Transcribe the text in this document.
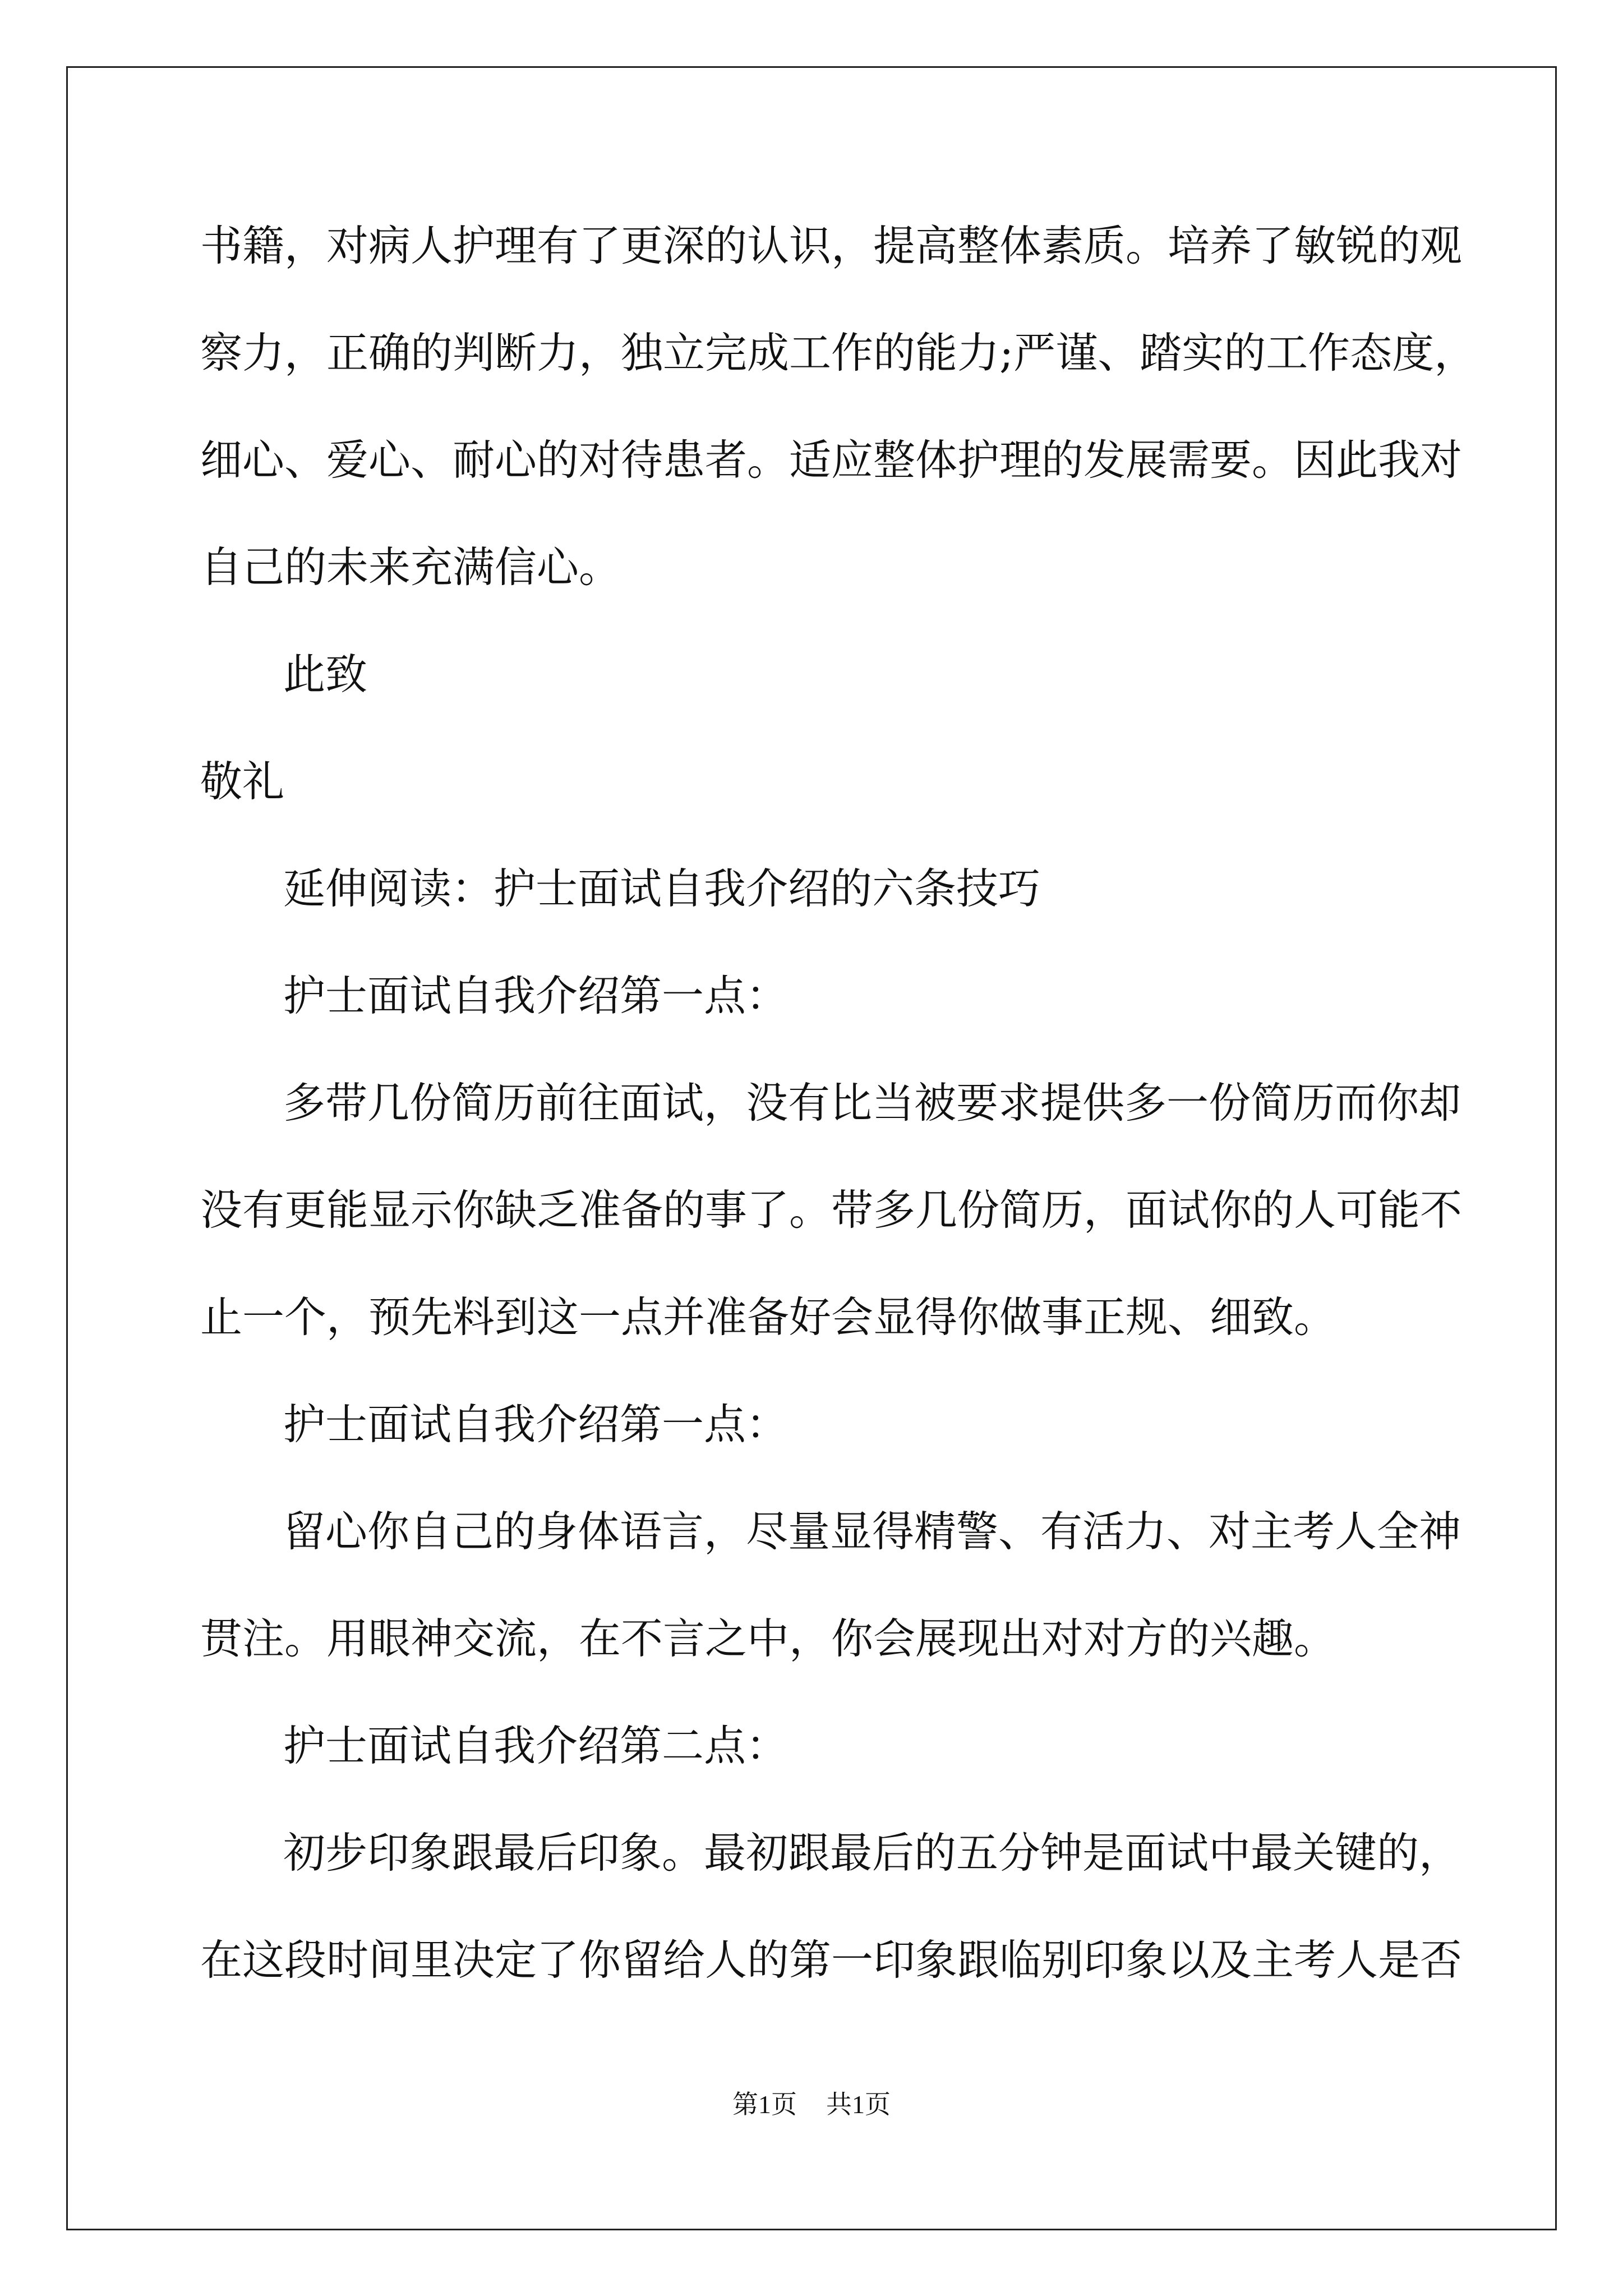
书籍，对病人护理有了更深的认识，提高整体素质。培养了敏锐的观
察力，正确的判断力，独立完成工作的能力;严谨、踏实的工作态度，
细心、爱心、耐心的对待患者。适应整体护理的发展需要。因此我对
自己的未来充满信心。
此致
敬礼
延伸阅读：护士面试自我介绍的六条技巧
护士面试自我介绍第一点：
多带几份简历前往面试，没有比当被要求提供多一份简历而你却
没有更能显示你缺乏准备的事了。带多几份简历，面试你的人可能不
止一个，预先料到这一点并准备好会显得你做事正规、细致。
护士面试自我介绍第一点：
留心你自己的身体语言，尽量显得精警、有活力、对主考人全神
贯注。用眼神交流，在不言之中，你会展现出对对方的兴趣。
护士面试自我介绍第二点：
初步印象跟最后印象。最初跟最后的五分钟是面试中最关键的，
在这段时间里决定了你留给人的第一印象跟临别印象以及主考人是否
第1页 共1页
